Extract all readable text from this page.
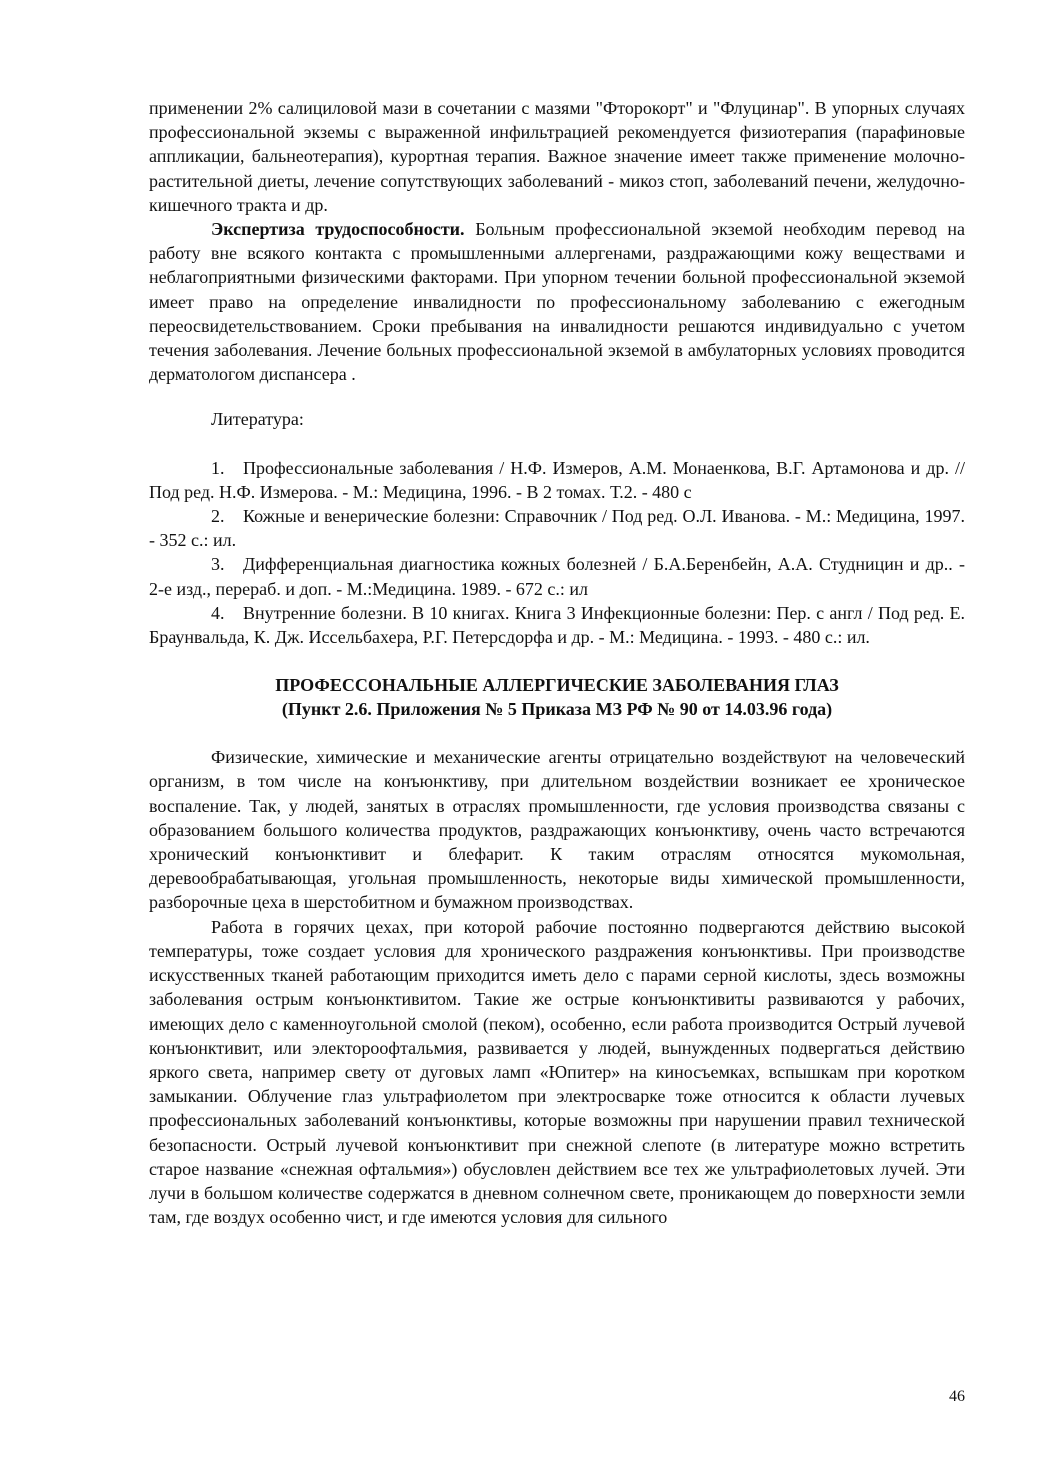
применении 2% салициловой мази в сочетании с мазями "Фторокорт" и "Флуцинар". В упорных случаях профессиональной экземы с выраженной инфильтрацией рекомендуется физиотерапия (парафиновые аппликации, бальнеотерапия), курортная терапия. Важное значение имеет также применение молочно-растительной диеты, лечение сопутствующих заболеваний - микоз стоп, заболеваний печени, желудочно-кишечного тракта и др.

Экспертиза трудоспособности. Больным профессиональной экземой необходим перевод на работу вне всякого контакта с промышленными аллергенами, раздражающими кожу веществами и неблагоприятными физическими факторами. При упорном течении больной профессиональной экземой имеет право на определение инвалидности по профессиональному заболеванию с ежегодным переосвидетельствованием. Сроки пребывания на инвалидности решаются индивидуально с учетом течения заболевания. Лечение больных профессиональной экземой в амбулаторных условиях проводится дерматологом диспансера .

Литература:

1. Профессиональные заболевания / Н.Ф. Измеров, А.М. Монаенкова, В.Г. Артамонова и др. // Под ред. Н.Ф. Измерова. - М.: Медицина, 1996. - В 2 томах. Т.2. - 480 с

2. Кожные и венерические болезни: Справочник / Под ред. О.Л. Иванова. - М.: Медицина, 1997. - 352 с.: ил.

3. Дифференциальная диагностика кожных болезней / Б.А.Беренбейн, А.А. Студницин и др.. - 2-е изд., перераб. и доп. - М.:Медицина. 1989. - 672 с.: ил

4. Внутренние болезни. В 10 книгах. Книга 3 Инфекционные болезни: Пер. с англ / Под ред. Е. Браунвальда, К. Дж. Иссельбахера, Р.Г. Петерсдорфа и др. - М.: Медицина. - 1993. - 480 с.: ил.

ПРОФЕССОНАЛЬНЫЕ АЛЛЕРГИЧЕСКИЕ ЗАБОЛЕВАНИЯ ГЛАЗ
(Пункт 2.6. Приложения № 5 Приказа МЗ РФ № 90 от 14.03.96 года)

Физические, химические и механические агенты отрицательно воздействуют на человеческий организм, в том числе на конъюнктиву, при длительном воздействии возникает ее хроническое воспаление. Так, у людей, занятых в отраслях промышленности, где условия производства связаны с образованием большого количества продуктов, раздражающих конъюнктиву, очень часто встречаются хронический конъюнктивит и блефарит. К таким отраслям относятся мукомольная, деревообрабатывающая, угольная промышленность, некоторые виды химической промышленности, разборочные цеха в шерстобитном и бумажном производствах.

Работа в горячих цехах, при которой рабочие постоянно подвергаются действию высокой температуры, тоже создает условия для хронического раздражения конъюнктивы. При производстве искусственных тканей работающим приходится иметь дело с парами серной кислоты, здесь возможны заболевания острым конъюнктивитом. Такие же острые конъюнктивиты развиваются у рабочих, имеющих дело с каменноугольной смолой (пеком), особенно, если работа производится Острый лучевой конъюнктивит, или электороофтальмия, развивается у людей, вынужденных подвергаться действию яркого света, например свету от дуговых ламп «Юпитер» на киносъемках, вспышкам при коротком замыкании. Облучение глаз ультрафиолетом при электросварке тоже относится к области лучевых профессиональных заболеваний конъюнктивы, которые возможны при нарушении правил технической безопасности. Острый лучевой конъюнктивит при снежной слепоте (в литературе можно встретить старое название «снежная офтальмия») обусловлен действием все тех же ультрафиолетовых лучей. Эти лучи в большом количестве содержатся в дневном солнечном свете, проникающем до поверхности земли там, где воздух особенно чист, и где имеются условия для сильного

46
